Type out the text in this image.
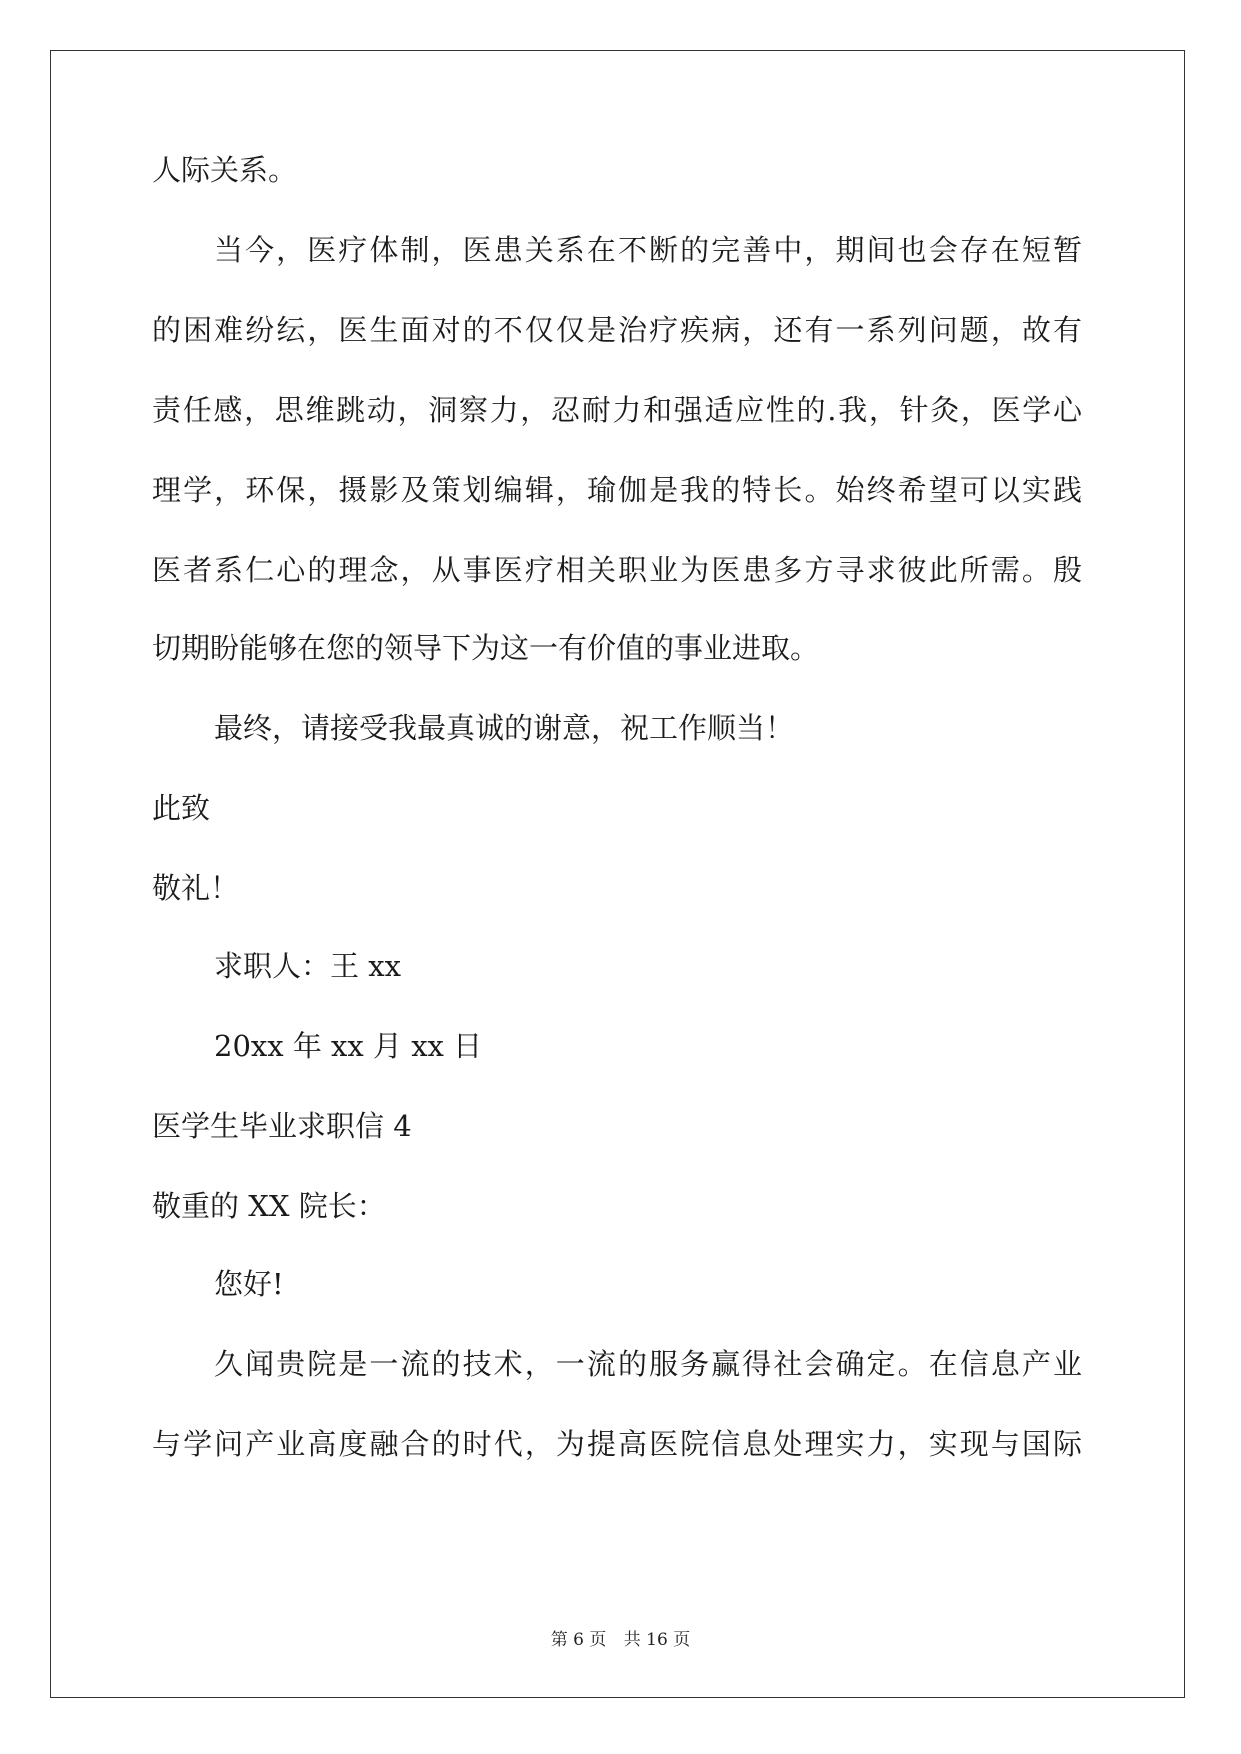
人际关系。
当今，医疗体制，医患关系在不断的完善中，期间也会存在短暂
的困难纷纭，医生面对的不仅仅是治疗疾病，还有一系列问题，故有
责任感，思维跳动，洞察力，忍耐力和强适应性的.我，针灸，医学心
理学，环保，摄影及策划编辑，瑜伽是我的特长。始终希望可以实践
医者系仁心的理念，从事医疗相关职业为医患多方寻求彼此所需。殷
切期盼能够在您的领导下为这一有价值的事业进取。
最终，请接受我最真诚的谢意，祝工作顺当！
此致
敬礼！
求职人：王 xx
20xx 年 xx 月 xx 日
医学生毕业求职信 4
敬重的 XX 院长：
您好!
久闻贵院是一流的技术，一流的服务赢得社会确定。在信息产业
与学问产业高度融合的时代，为提高医院信息处理实力，实现与国际
第 6 页 共 16 页
